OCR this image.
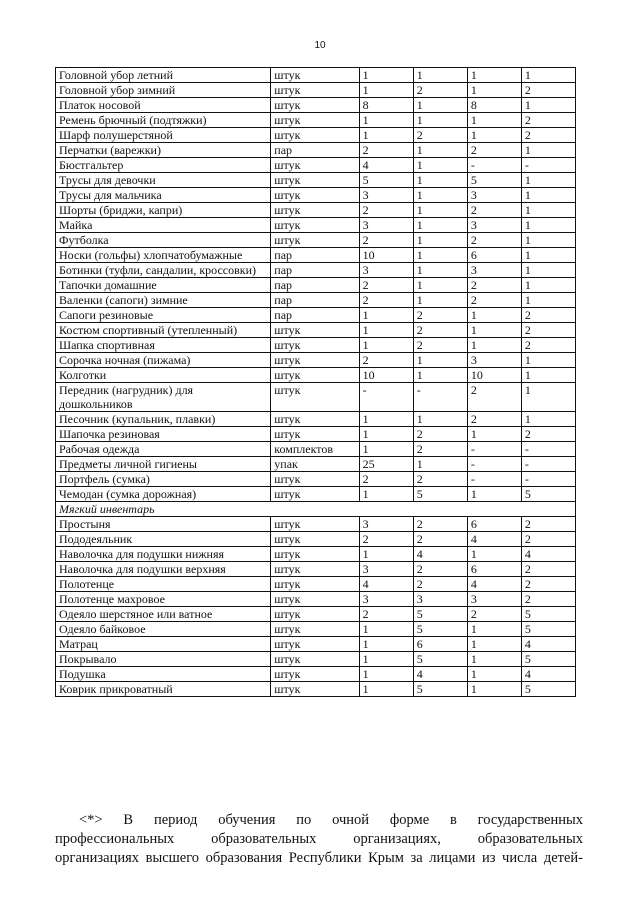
10
Головной убор летний	штук	1	1	1	1
Головной убор зимний	штук	1	2	1	2
Платок носовой	штук	8	1	8	1
Ремень брючный (подтяжки)	штук	1	1	1	2
Шарф полушерстяной	штук	1	2	1	2
Перчатки (варежки)	пар	2	1	2	1
Бюстгальтер	штук	4	1	-	-
Трусы для девочки	штук	5	1	5	1
Трусы для мальчика	штук	3	1	3	1
Шорты (бриджи, капри)	штук	2	1	2	1
Майка	штук	3	1	3	1
Футболка	штук	2	1	2	1
Носки (гольфы) хлопчатобумажные	пар	10	1	6	1
Ботинки (туфли, сандалии, кроссовки)	пар	3	1	3	1
Тапочки домашние	пар	2	1	2	1
Валенки (сапоги) зимние	пар	2	1	2	1
Сапоги резиновые	пар	1	2	1	2
Костюм спортивный (утепленный)	штук	1	2	1	2
Шапка спортивная	штук	1	2	1	2
Сорочка ночная (пижама)	штук	2	1	3	1
Колготки	штук	10	1	10	1
Передник (нагрудник) для дошкольников	штук	-	-	2	1
Песочник (купальник, плавки)	штук	1	1	2	1
Шапочка резиновая	штук	1	2	1	2
Рабочая одежда	комплектов	1	2	-	-
Предметы личной гигиены	упак	25	1	-	-
Портфель (сумка)	штук	2	2	-	-
Чемодан (сумка дорожная)	штук	1	5	1	5
Мягкий инвентарь					
Простыня	штук	3	2	6	2
Пододеяльник	штук	2	2	4	2
Наволочка для подушки нижняя	штук	1	4	1	4
Наволочка для подушки верхняя	штук	3	2	6	2
Полотенце	штук	4	2	4	2
Полотенце махровое	штук	3	3	3	2
Одеяло шерстяное или ватное	штук	2	5	2	5
Одеяло байковое	штук	1	5	1	5
Матрац	штук	1	6	1	4
Покрывало	штук	1	5	1	5
Подушка	штук	1	4	1	4
Коврик прикроватный	штук	1	5	1	5

<*> В период обучения по очной форме в государственных

профессиональных образовательных организациях, образовательных
организациях высшего образования Республики Крым за лицами из числа детей-
